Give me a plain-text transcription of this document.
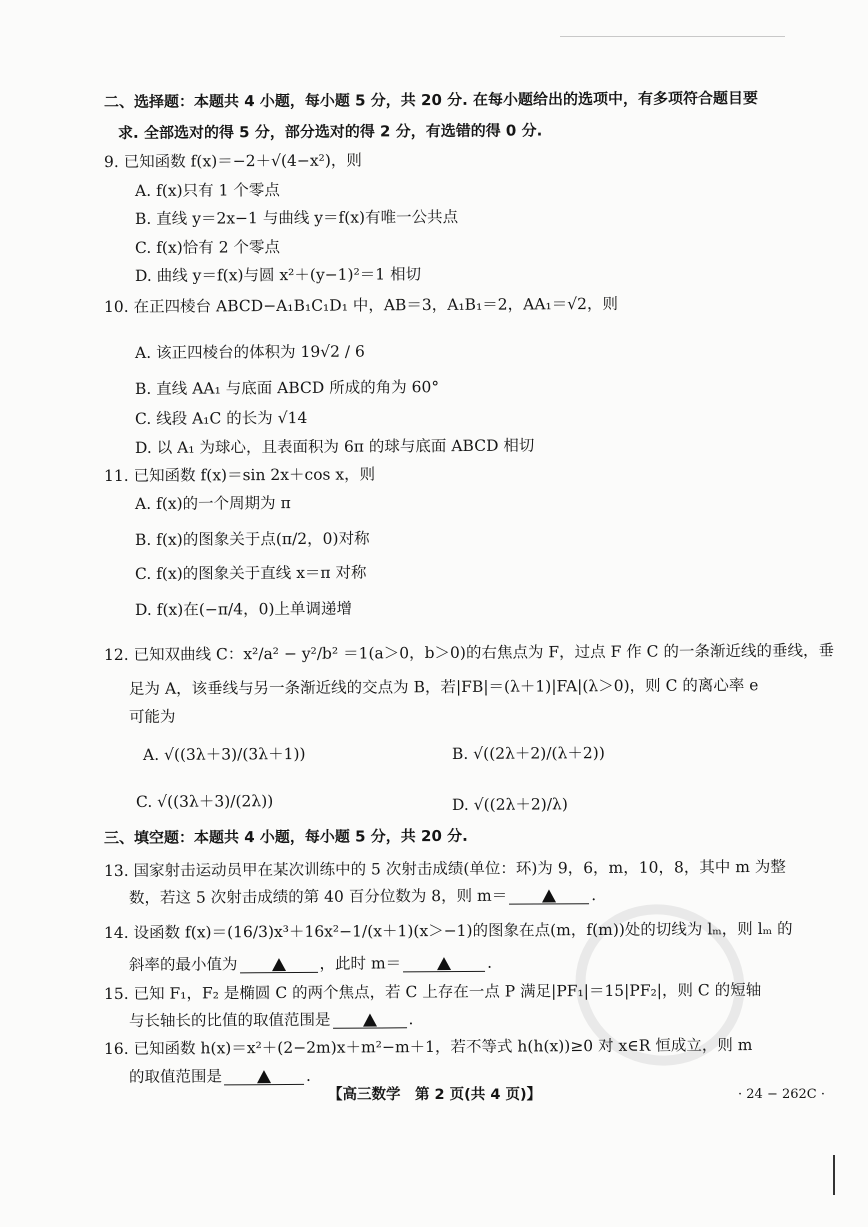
二、选择题：本题共 4 小题，每小题 5 分，共 20 分. 在每小题给出的选项中，有多项符合题目要
求. 全部选对的得 5 分，部分选对的得 2 分，有选错的得 0 分.
9. 已知函数 f(x)＝−2＋√(4−x²)，则
A. f(x)只有 1 个零点
B. 直线 y＝2x−1 与曲线 y＝f(x)有唯一公共点
C. f(x)恰有 2 个零点
D. 曲线 y＝f(x)与圆 x²＋(y−1)²＝1 相切
10. 在正四棱台 ABCD−A₁B₁C₁D₁ 中，AB＝3，A₁B₁＝2，AA₁＝√2，则
A. 该正四棱台的体积为 19√2 / 6
B. 直线 AA₁ 与底面 ABCD 所成的角为 60°
C. 线段 A₁C 的长为 √14
D. 以 A₁ 为球心，且表面积为 6π 的球与底面 ABCD 相切
11. 已知函数 f(x)＝sin 2x＋cos x，则
A. f(x)的一个周期为 π
B. f(x)的图象关于点(π/2，0)对称
C. f(x)的图象关于直线 x＝π 对称
D. f(x)在(−π/4，0)上单调递增
12. 已知双曲线 C：x²/a² − y²/b² ＝1(a＞0，b＞0)的右焦点为 F，过点 F 作 C 的一条渐近线的垂线，垂
足为 A，该垂线与另一条渐近线的交点为 B，若|FB|＝(λ＋1)|FA|(λ＞0)，则 C 的离心率 e
可能为
A. √((3λ＋3)/(3λ＋1))	B. √((2λ＋2)/(λ＋2))
C. √((3λ＋3)/(2λ))	D. √((2λ＋2)/λ)
三、填空题：本题共 4 小题，每小题 5 分，共 20 分.
13. 国家射击运动员甲在某次训练中的 5 次射击成绩(单位：环)为 9，6，m，10，8，其中 m 为整
数，若这 5 次射击成绩的第 40 百分位数为 8，则 m＝	.
14. 设函数 f(x)＝(16/3)x³＋16x²−1/(x＋1)(x＞−1)的图象在点(m，f(m))处的切线为 lₘ，则 lₘ 的
斜率的最小值为	，此时 m＝	.
15. 已知 F₁，F₂ 是椭圆 C 的两个焦点，若 C 上存在一点 P 满足|PF₁|＝15|PF₂|，则 C 的短轴
与长轴长的比值的取值范围是	.
16. 已知函数 h(x)＝x²＋(2−2m)x＋m²−m＋1，若不等式 h(h(x))≥0 对 x∈R 恒成立，则 m
的取值范围是	.
【高三数学　第 2 页(共 4 页)】	· 24 − 262C ·
